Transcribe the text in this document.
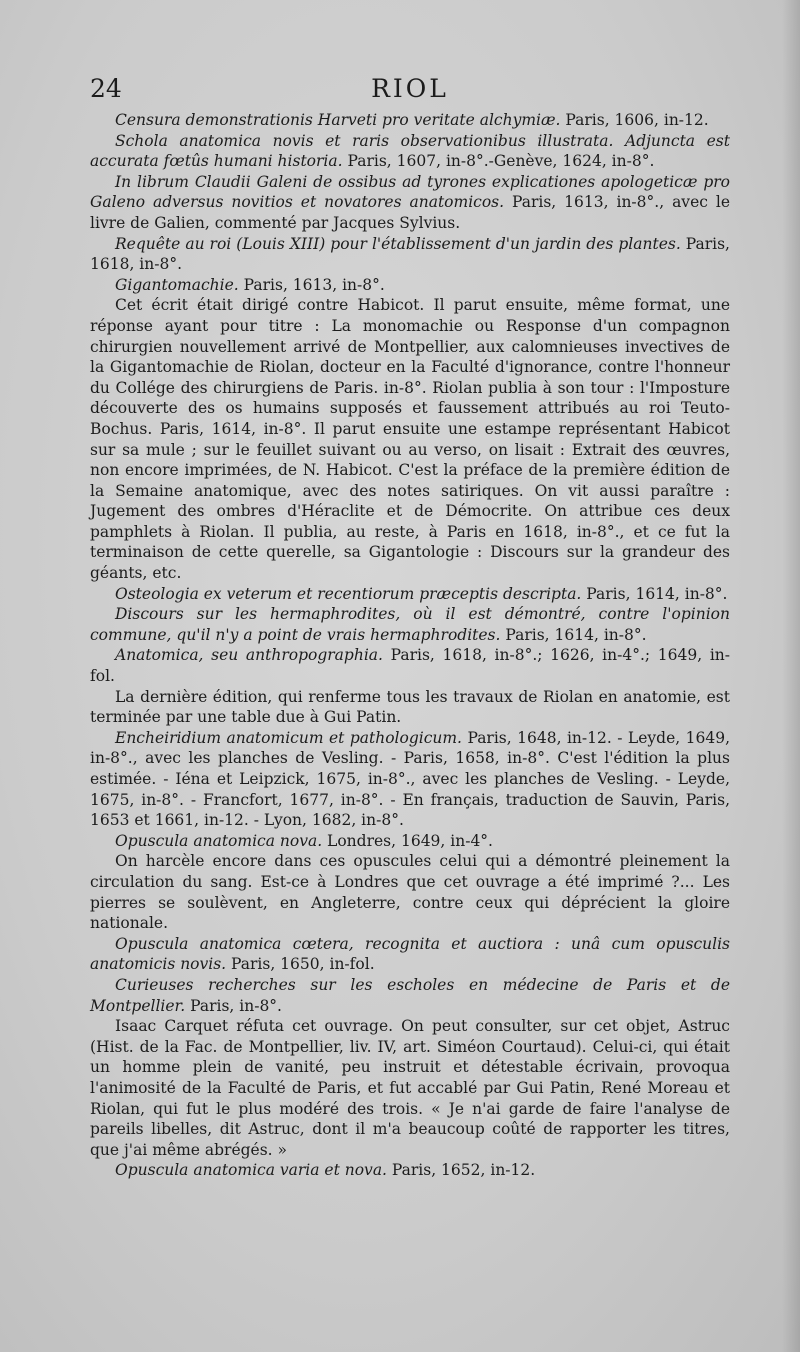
24	RIOL

Censura demonstrationis Harveti pro veritate alchymiæ. Paris, 1606, in-12.

Schola anatomica novis et raris observationibus illustrata. Adjuncta est accurata fœtûs humani historia. Paris, 1607, in-8°.-Genève, 1624, in-8°.

In librum Claudii Galeni de ossibus ad tyrones explicationes apologeticæ pro Galeno adversus novitios et novatores anatomicos. Paris, 1613, in-8°., avec le livre de Galien, commenté par Jacques Sylvius.

Requête au roi (Louis XIII) pour l'établissement d'un jardin des plantes. Paris, 1618, in-8°.

Gigantomachie. Paris, 1613, in-8°.

Cet écrit était dirigé contre Habicot. Il parut ensuite, même format, une réponse ayant pour titre : La monomachie ou Response d'un compagnon chirurgien nouvellement arrivé de Montpellier, aux calomnieuses invectives de la Gigantomachie de Riolan, docteur en la Faculté d'ignorance, contre l'honneur du Collége des chirurgiens de Paris. in-8°. Riolan publia à son tour : l'Imposture découverte des os humains supposés et faussement attribués au roi Teuto-Bochus. Paris, 1614, in-8°. Il parut ensuite une estampe représentant Habicot sur sa mule ; sur le feuillet suivant ou au verso, on lisait : Extrait des œuvres, non encore imprimées, de N. Habicot. C'est la préface de la première édition de la Semaine anatomique, avec des notes satiriques. On vit aussi paraître : Jugement des ombres d'Héraclite et de Démocrite. On attribue ces deux pamphlets à Riolan. Il publia, au reste, à Paris en 1618, in-8°., et ce fut la terminaison de cette querelle, sa Gigantologie : Discours sur la grandeur des géants, etc.

Osteologia ex veterum et recentiorum præceptis descripta. Paris, 1614, in-8°.

Discours sur les hermaphrodites, où il est démontré, contre l'opinion commune, qu'il n'y a point de vrais hermaphrodites. Paris, 1614, in-8°.

Anatomica, seu anthropographia. Paris, 1618, in-8°.; 1626, in-4°.; 1649, in-fol.

La dernière édition, qui renferme tous les travaux de Riolan en anatomie, est terminée par une table due à Gui Patin.

Encheiridium anatomicum et pathologicum. Paris, 1648, in-12. - Leyde, 1649, in-8°., avec les planches de Vesling. - Paris, 1658, in-8°. C'est l'édition la plus estimée. - Iéna et Leipzick, 1675, in-8°., avec les planches de Vesling. - Leyde, 1675, in-8°. - Francfort, 1677, in-8°. - En français, traduction de Sauvin, Paris, 1653 et 1661, in-12. - Lyon, 1682, in-8°.

Opuscula anatomica nova. Londres, 1649, in-4°.

On harcèle encore dans ces opuscules celui qui a démontré pleinement la circulation du sang. Est-ce à Londres que cet ouvrage a été imprimé ?... Les pierres se soulèvent, en Angleterre, contre ceux qui déprécient la gloire nationale.

Opuscula anatomica cœtera, recognita et auctiora : unâ cum opusculis anatomicis novis. Paris, 1650, in-fol.

Curieuses recherches sur les escholes en médecine de Paris et de Montpellier. Paris, in-8°.

Isaac Carquet réfuta cet ouvrage. On peut consulter, sur cet objet, Astruc (Hist. de la Fac. de Montpellier, liv. IV, art. Siméon Courtaud). Celui-ci, qui était un homme plein de vanité, peu instruit et détestable écrivain, provoqua l'animosité de la Faculté de Paris, et fut accablé par Gui Patin, René Moreau et Riolan, qui fut le plus modéré des trois. « Je n'ai garde de faire l'analyse de pareils libelles, dit Astruc, dont il m'a beaucoup coûté de rapporter les titres, que j'ai même abrégés. »

Opuscula anatomica varia et nova. Paris, 1652, in-12.
